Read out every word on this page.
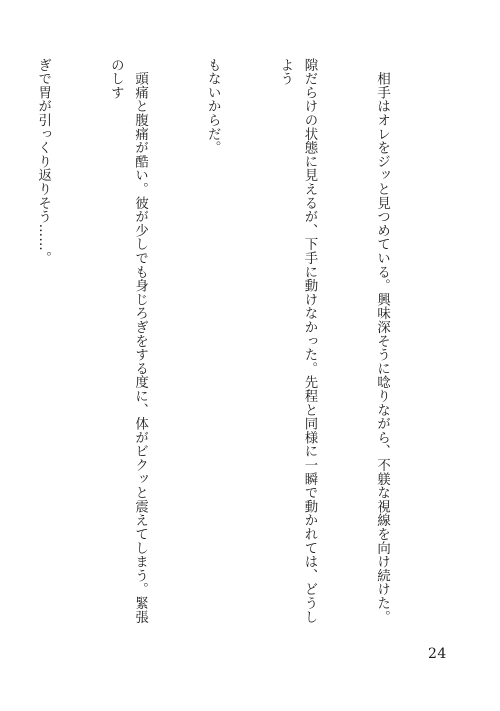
　相手はオレをジッと見つめている。興味深そうに唸りながら、不躾な視線を向け続けた。

隙だらけの状態に見えるが、下手に動けなかった。先程と同様に一瞬で動かれては、どうしよう

もないからだ。

　頭痛と腹痛が酷い。彼が少しでも身じろぎをする度に、体がビクッと震えてしまう。緊張のしす

ぎで胃が引っくり返りそう……。

24
